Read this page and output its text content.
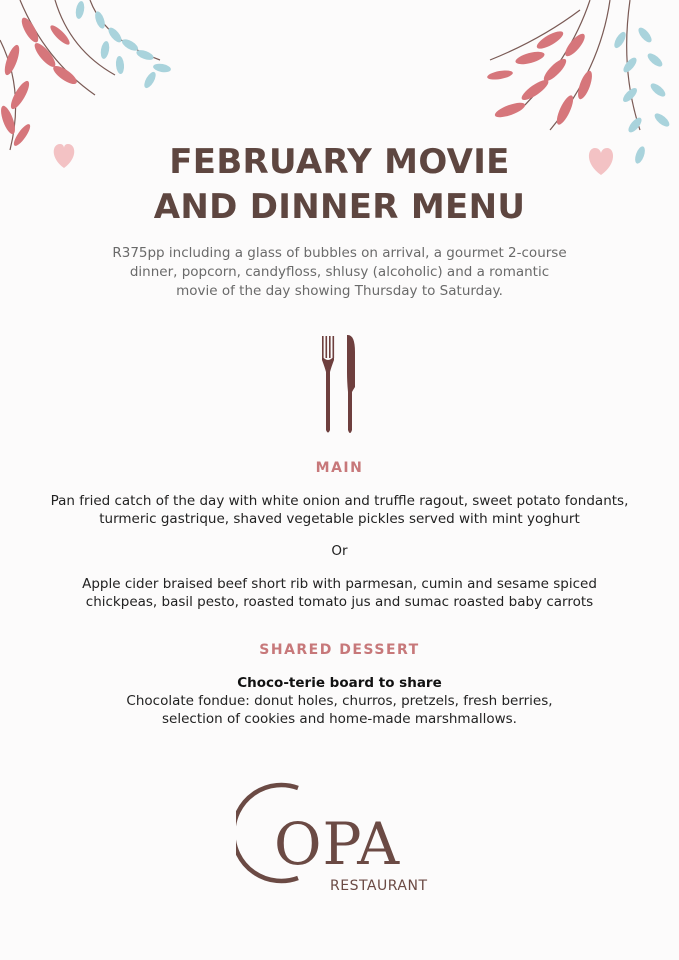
FEBRUARY MOVIE
AND DINNER MENU
R375pp including a glass of bubbles on arrival, a gourmet 2-course
dinner, popcorn, candyfloss, shlusy (alcoholic) and a romantic
movie of the day showing Thursday to Saturday.
MAIN
Pan fried catch of the day with white onion and truffle ragout, sweet potato fondants,
turmeric gastrique, shaved vegetable pickles served with mint yoghurt
Or
Apple cider braised beef short rib with parmesan, cumin and sesame spiced
chickpeas, basil pesto, roasted tomato jus and sumac roasted baby carrots
SHARED DESSERT
Choco-terie board to share
Chocolate fondue: donut holes, churros, pretzels, fresh berries,
selection of cookies and home-made marshmallows.
OPA
RESTAURANT
